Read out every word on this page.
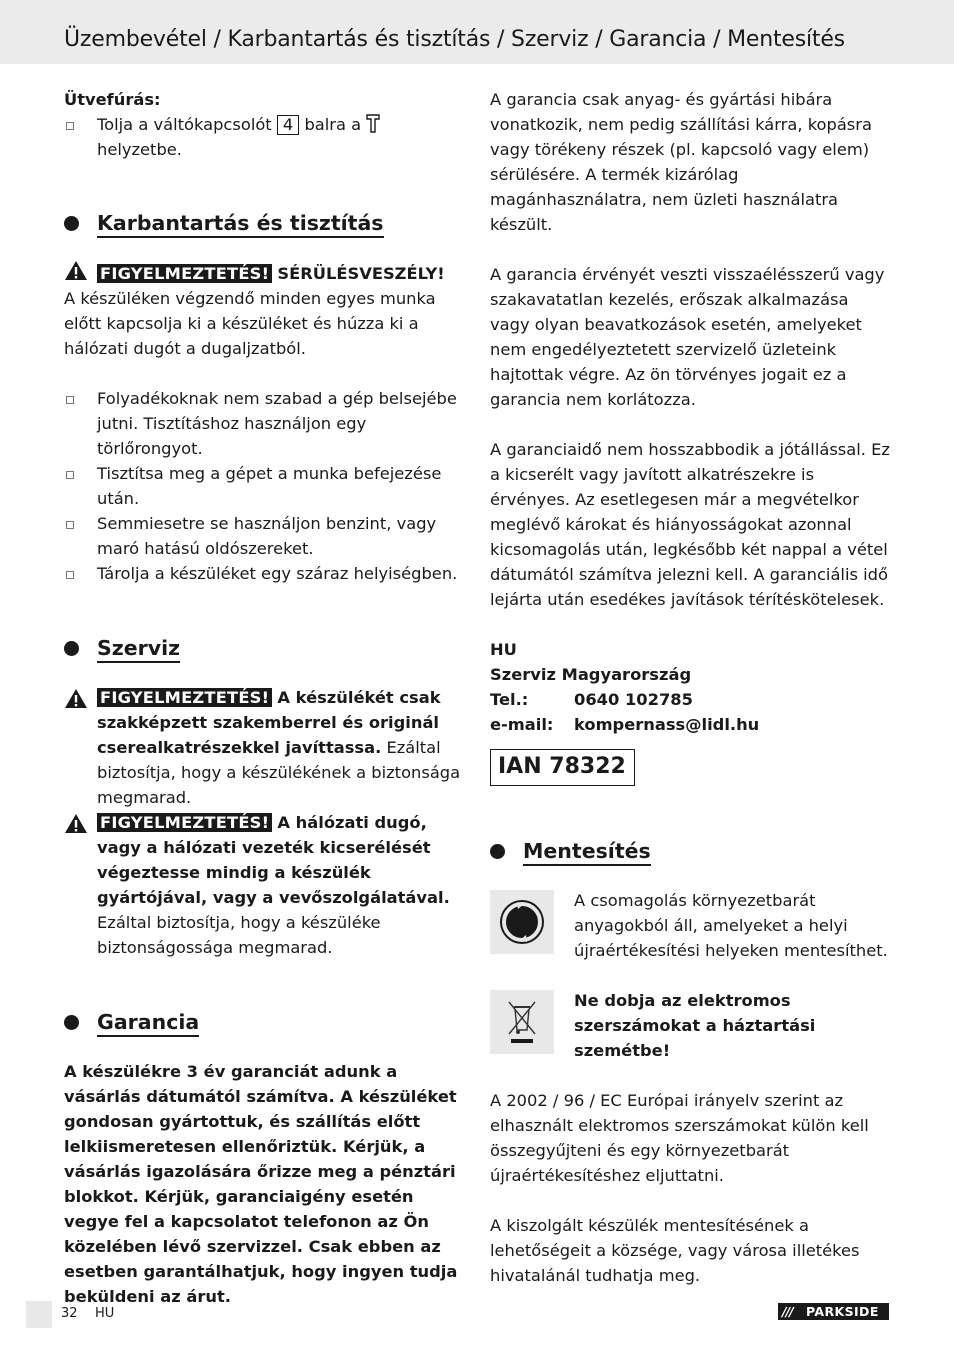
Üzembevétel / Karbantartás és tisztítás / Szerviz / Garancia / Mentesítés

Ütvefúrás:

Tolja a váltókapcsolót 4 balra a  helyzetbe.
Karbantartás és tisztítás
FIGYELMEZTETÉS! SÉRÜLÉSVESZÉLY!

A készüléken végzendő minden egyes munka előtt kapcsolja ki a készüléket és húzza ki a hálózati dugót a dugaljzatból.

Folyadékoknak nem szabad a gép belsejébe jutni. Tisztításhoz használjon egy törlőrongyot.
Tisztítsa meg a gépet a munka befejezése után.
Semmiesetre se használjon benzint, vagy maró hatású oldószereket.
Tárolja a készüléket egy száraz helyiségben.
Szerviz
FIGYELMEZTETÉS! A készülékét csak szakképzett szakemberrel és originál cserealkatrészekkel javíttassa. Ezáltal biztosítja, hogy a készülékének a biztonsága megmarad.
FIGYELMEZTETÉS! A hálózati dugó, vagy a hálózati vezeték kicserélését végeztesse mindig a készülék gyártójával, vagy a vevőszolgálatával. Ezáltal biztosítja, hogy a készüléke biztonságossága megmarad.
Garancia

A készülékre 3 év garanciát adunk a vásárlás dátumától számítva. A készüléket gondosan gyártottuk, és szállítás előtt lelkiismeretesen ellenőriztük. Kérjük, a vásárlás igazolására őrizze meg a pénztári blokkot. Kérjük, garanciaigény esetén vegye fel a kapcsolatot telefonon az Ön közelében lévő szervizzel. Csak ebben az esetben garantálhatjuk, hogy ingyen tudja beküldeni az árut.

A garancia csak anyag- és gyártási hibára vonatkozik, nem pedig szállítási kárra, kopásra vagy törékeny részek (pl. kapcsoló vagy elem) sérülésére. A termék kizárólag magánhasználatra, nem üzleti használatra készült.

A garancia érvényét veszti visszaélésszerű vagy szakavatatlan kezelés, erőszak alkalmazása vagy olyan beavatkozások esetén, amelyeket nem engedélyeztetett szervizelő üzleteink hajtottak végre. Az ön törvényes jogait ez a garancia nem korlátozza.

A garanciaidő nem hosszabbodik a jótállással. Ez a kicserélt vagy javított alkatrészekre is érvényes. Az esetlegesen már a megvételkor meglévő károkat és hiányosságokat azonnal kicsomagolás után, legkésőbb két nappal a vétel dátumától számítva jelezni kell. A garanciális idő lejárta után esedékes javítások térítéskötelesek.

HU	
Szerviz Magyarország	
Tel.:	0640 102785
e-mail:	kompernass@lidl.hu
IAN 78322
Mentesítés

A csomagolás környezetbarát anyagokból áll, amelyeket a helyi újraértékesítési helyeken mentesíthet.

Ne dobja az elektromos szerszámokat a háztartási szemétbe!

A 2002 / 96 / EC Európai irányelv szerint az elhasznált elektromos szerszámokat külön kell összegyűjteni és egy környezetbarát újraértékesítéshez eljuttatni.

A kiszolgált készülék mentesítésének a lehetőségeit a községe, vagy városa illetékes hivatalánál tudhatja meg.

32 HU	/// PARKSIDE
